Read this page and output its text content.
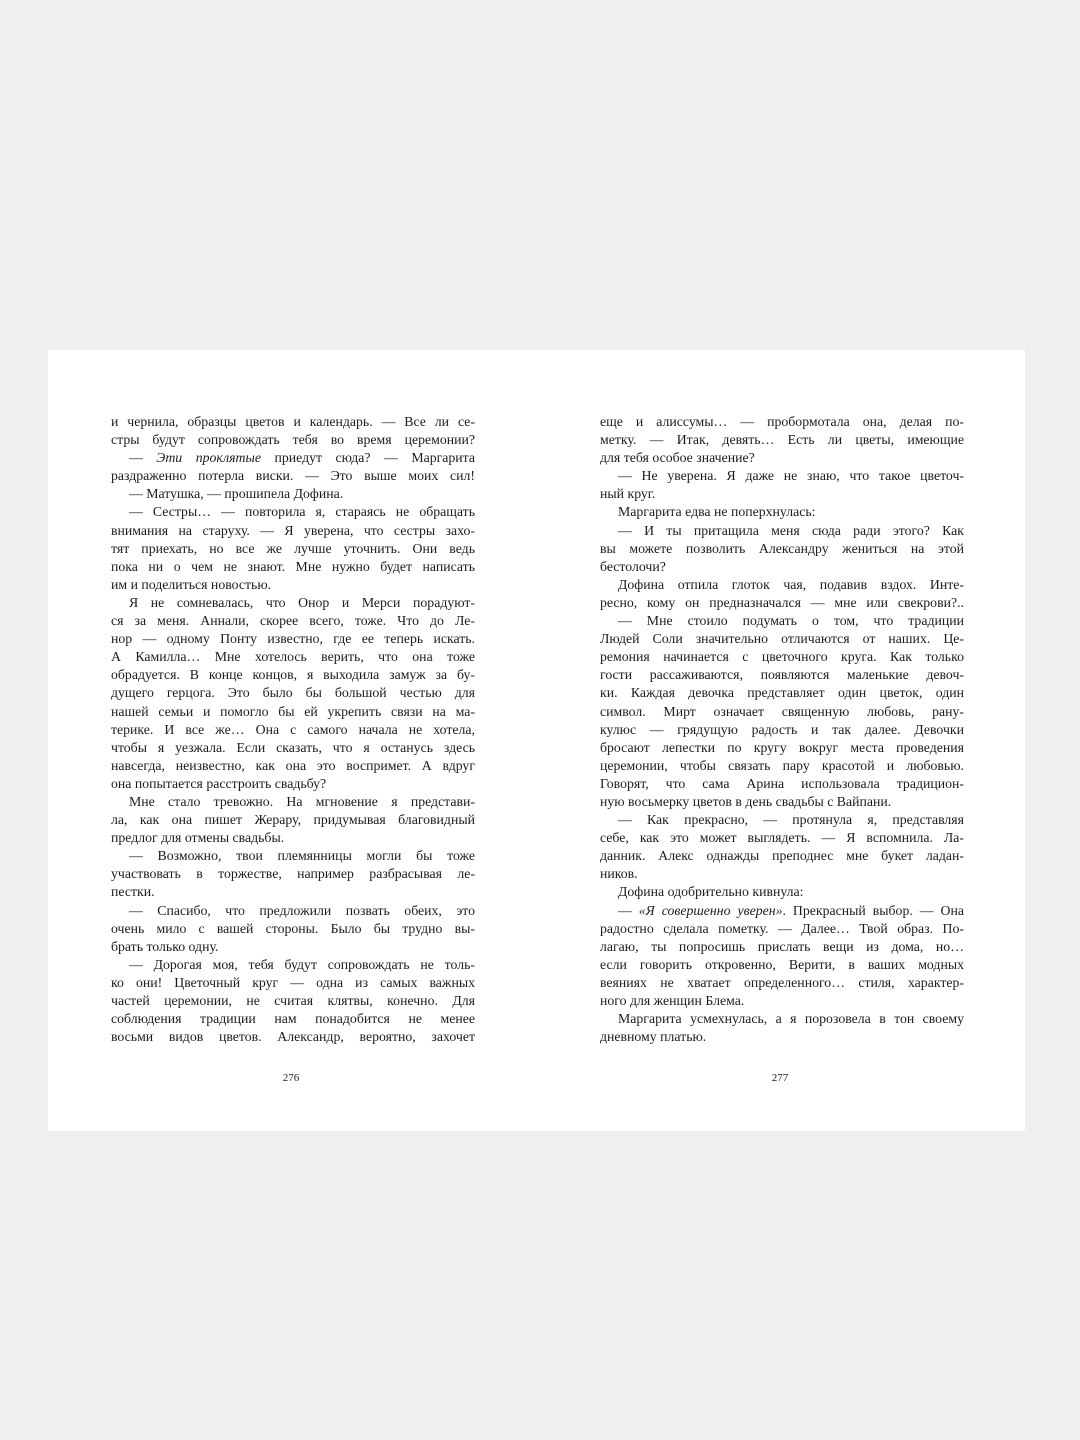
и чернила, образцы цветов и календарь. — Все ли се-
стры будут сопровождать тебя во время церемонии?
— Эти проклятые приедут сюда? — Маргарита
раздраженно потерла виски. — Это выше моих сил!
— Матушка, — прошипела Дофина.
— Сестры… — повторила я, стараясь не обращать
внимания на старуху. — Я уверена, что сестры захо-
тят приехать, но все же лучше уточнить. Они ведь
пока ни о чем не знают. Мне нужно будет написать
им и поделиться новостью.
Я не сомневалась, что Онор и Мерси порадуют-
ся за меня. Аннали, скорее всего, тоже. Что до Ле-
нор — одному Понту известно, где ее теперь искать.
А Камилла… Мне хотелось верить, что она тоже
обрадуется. В конце концов, я выходила замуж за бу-
дущего герцога. Это было бы большой честью для
нашей семьи и помогло бы ей укрепить связи на ма-
терике. И все же… Она с самого начала не хотела,
чтобы я уезжала. Если сказать, что я останусь здесь
навсегда, неизвестно, как она это воспримет. А вдруг
она попытается расстроить свадьбу?
Мне стало тревожно. На мгновение я представи-
ла, как она пишет Жерару, придумывая благовидный
предлог для отмены свадьбы.
— Возможно, твои племянницы могли бы тоже
участвовать в торжестве, например разбрасывая ле-
пестки.
— Спасибо, что предложили позвать обеих, это
очень мило с вашей стороны. Было бы трудно вы-
брать только одну.
— Дорогая моя, тебя будут сопровождать не толь-
ко они! Цветочный круг — одна из самых важных
частей церемонии, не считая клятвы, конечно. Для
соблюдения традиции нам понадобится не менее
восьми видов цветов. Александр, вероятно, захочет
еще и алиссумы… — пробормотала она, делая по-
метку. — Итак, девять… Есть ли цветы, имеющие
для тебя особое значение?
— Не уверена. Я даже не знаю, что такое цветоч-
ный круг.
Маргарита едва не поперхнулась:
— И ты притащила меня сюда ради этого? Как
вы можете позволить Александру жениться на этой
бестолочи?
Дофина отпила глоток чая, подавив вздох. Инте-
ресно, кому он предназначался — мне или свекрови?..
— Мне стоило подумать о том, что традиции
Людей Соли значительно отличаются от наших. Це-
ремония начинается с цветочного круга. Как только
гости рассаживаются, появляются маленькие девоч-
ки. Каждая девочка представляет один цветок, один
символ. Мирт означает священную любовь, рану-
кулюс — грядущую радость и так далее. Девочки
бросают лепестки по кругу вокруг места проведения
церемонии, чтобы связать пару красотой и любовью.
Говорят, что сама Арина использовала традицион-
ную восьмерку цветов в день свадьбы с Вайпани.
— Как прекрасно, — протянула я, представляя
себе, как это может выглядеть. — Я вспомнила. Ла-
данник. Алекс однажды преподнес мне букет ладан-
ников.
Дофина одобрительно кивнула:
— «Я совершенно уверен». Прекрасный выбор. — Она
радостно сделала пометку. — Далее… Твой образ. По-
лагаю, ты попросишь прислать вещи из дома, но…
если говорить откровенно, Верити, в ваших модных
веяниях не хватает определенного… стиля, характер-
ного для женщин Блема.
Маргарита усмехнулась, а я порозовела в тон своему
дневному платью.
276	277
